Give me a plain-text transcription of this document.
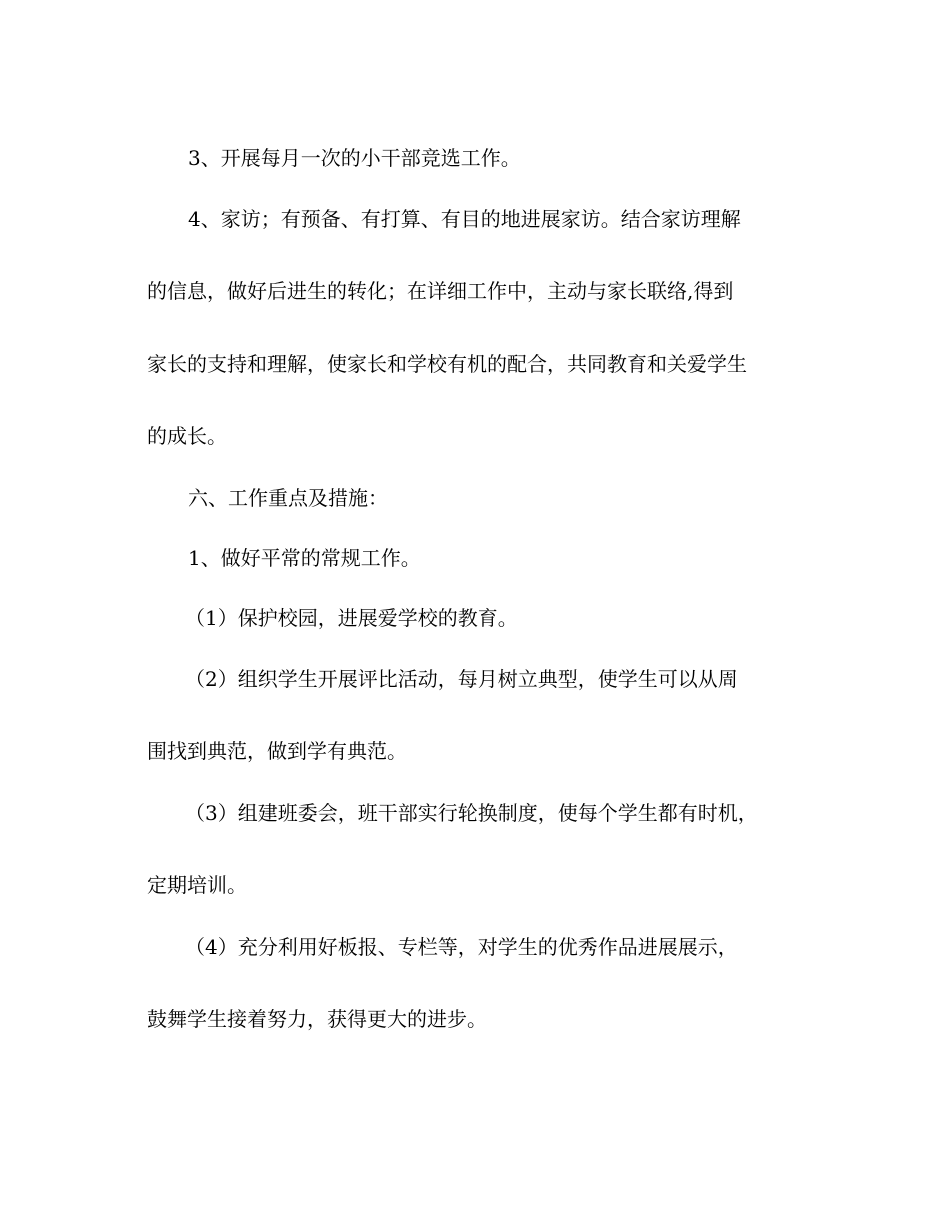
3、开展每月一次的小干部竞选工作。
4、家访；有预备、有打算、有目的地进展家访。结合家访理解
的信息，做好后进生的转化；在详细工作中，主动与家长联络,得到
家长的支持和理解，使家长和学校有机的配合，共同教育和关爱学生
的成长。
六、工作重点及措施：
1、做好平常的常规工作。
（1）保护校园，进展爱学校的教育。
（2）组织学生开展评比活动，每月树立典型，使学生可以从周
围找到典范，做到学有典范。
（3）组建班委会，班干部实行轮换制度，使每个学生都有时机，
定期培训。
（4）充分利用好板报、专栏等，对学生的优秀作品进展展示，
鼓舞学生接着努力，获得更大的进步。
